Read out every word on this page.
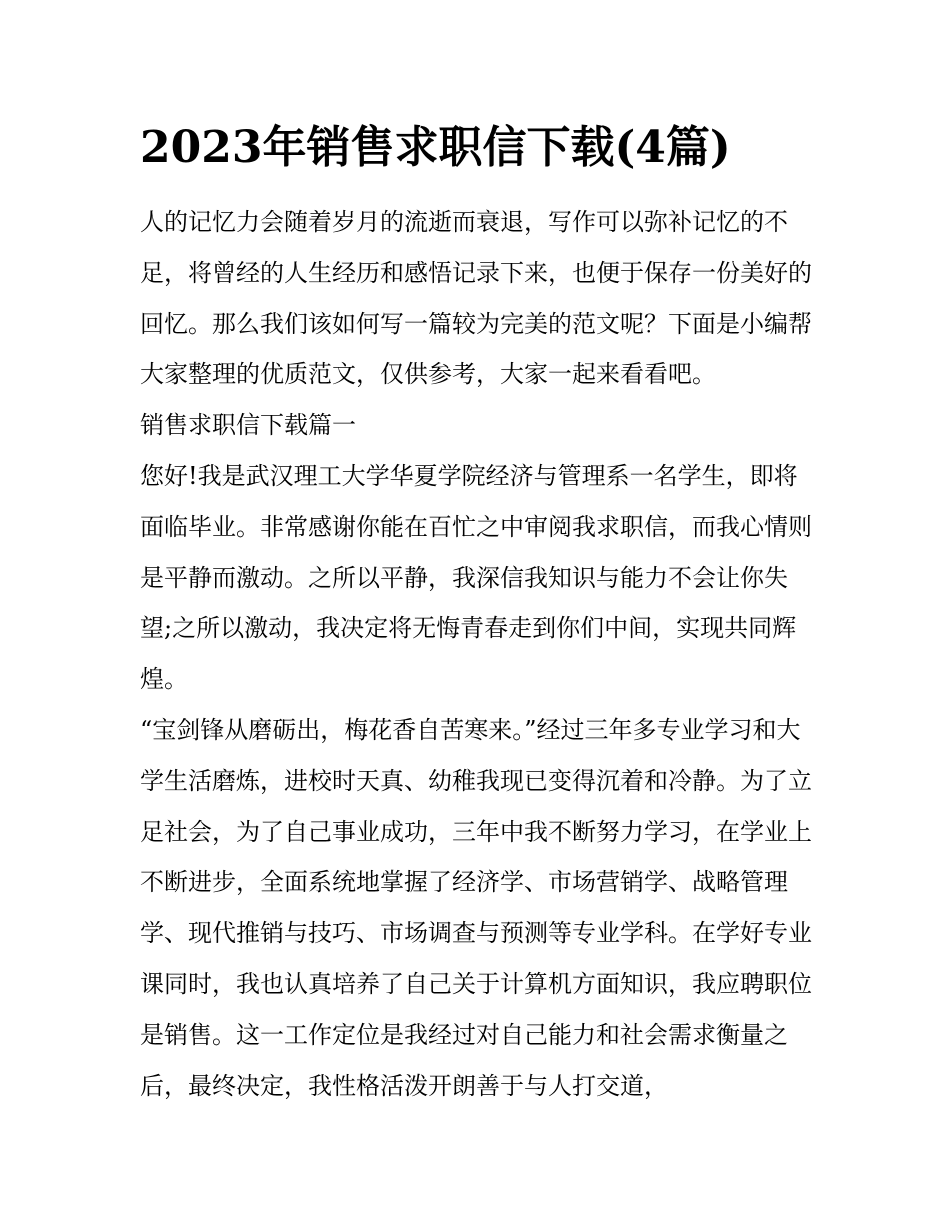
2023年销售求职信下载(4篇)

人的记忆力会随着岁月的流逝而衰退，写作可以弥补记忆的不足，将曾经的人生经历和感悟记录下来，也便于保存一份美好的回忆。那么我们该如何写一篇较为完美的范文呢？下面是小编帮大家整理的优质范文，仅供参考，大家一起来看看吧。

销售求职信下载篇一

您好!我是武汉理工大学华夏学院经济与管理系一名学生，即将面临毕业。非常感谢你能在百忙之中审阅我求职信，而我心情则是平静而激动。之所以平静，我深信我知识与能力不会让你失望;之所以激动，我决定将无悔青春走到你们中间，实现共同辉煌。

“宝剑锋从磨砺出，梅花香自苦寒来。”经过三年多专业学习和大学生活磨炼，进校时天真、幼稚我现已变得沉着和冷静。为了立足社会，为了自己事业成功，三年中我不断努力学习，在学业上不断进步，全面系统地掌握了经济学、市场营销学、战略管理学、现代推销与技巧、市场调查与预测等专业学科。在学好专业课同时，我也认真培养了自己关于计算机方面知识，我应聘职位是销售。这一工作定位是我经过对自己能力和社会需求衡量之后，最终决定，我性格活泼开朗善于与人打交道，
